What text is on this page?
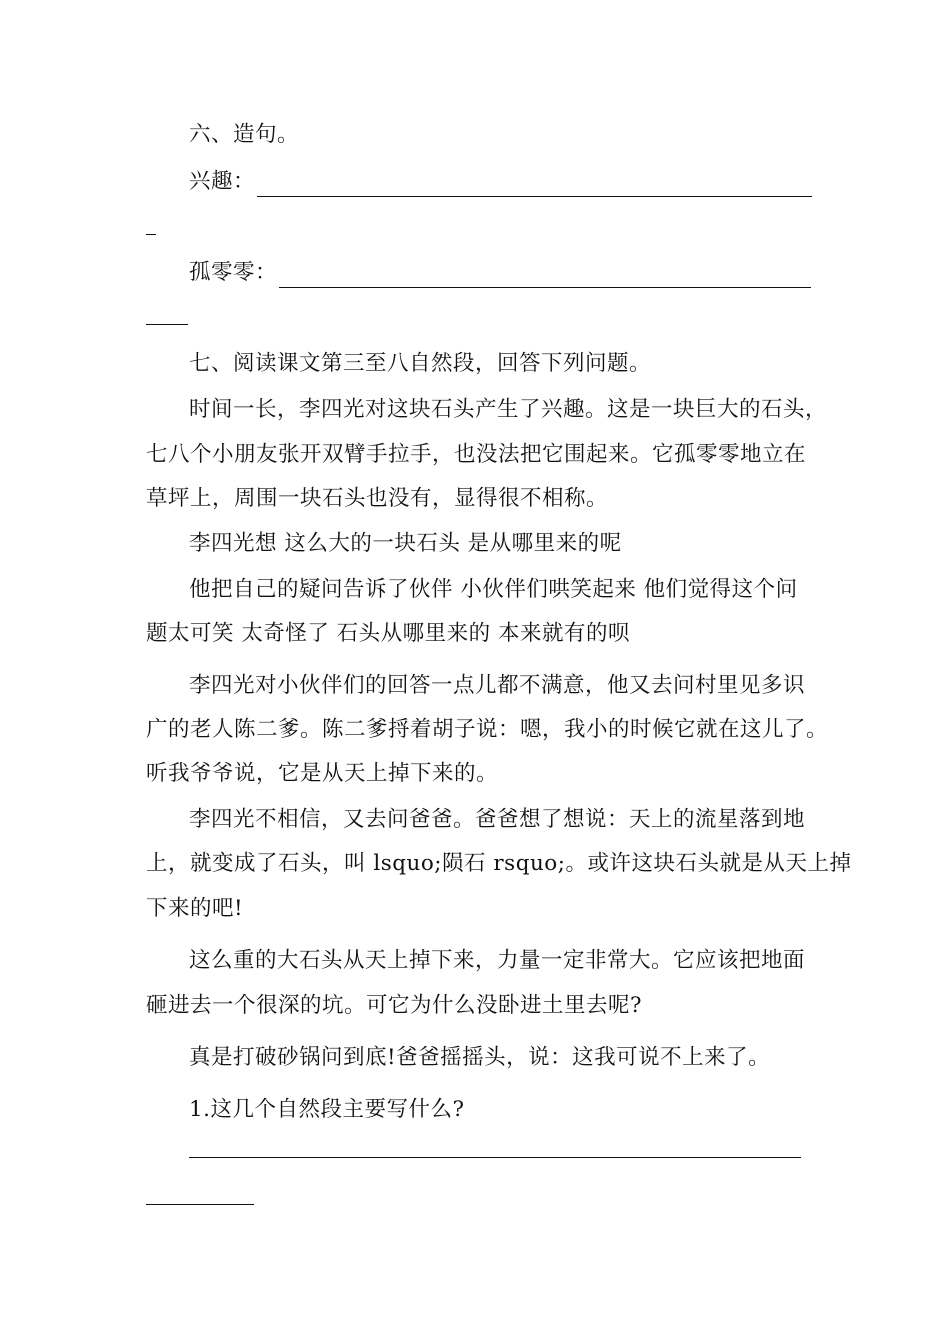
六、造句。
兴趣：
孤零零：
七、阅读课文第三至八自然段，回答下列问题。
时间一长，李四光对这块石头产生了兴趣。这是一块巨大的石头，
七八个小朋友张开双臂手拉手，也没法把它围起来。它孤零零地立在
草坪上，周围一块石头也没有，显得很不相称。
李四光想 这么大的一块石头 是从哪里来的呢
他把自己的疑问告诉了伙伴 小伙伴们哄笑起来 他们觉得这个问
题太可笑 太奇怪了 石头从哪里来的 本来就有的呗
李四光对小伙伴们的回答一点儿都不满意，他又去问村里见多识
广的老人陈二爹。陈二爹捋着胡子说：嗯，我小的时候它就在这儿了。
听我爷爷说，它是从天上掉下来的。
李四光不相信，又去问爸爸。爸爸想了想说：天上的流星落到地
上，就变成了石头，叫 lsquo;陨石 rsquo;。或许这块石头就是从天上掉
下来的吧!
这么重的大石头从天上掉下来，力量一定非常大。它应该把地面
砸进去一个很深的坑。可它为什么没卧进土里去呢?
真是打破砂锅问到底!爸爸摇摇头，说：这我可说不上来了。
1.这几个自然段主要写什么?
